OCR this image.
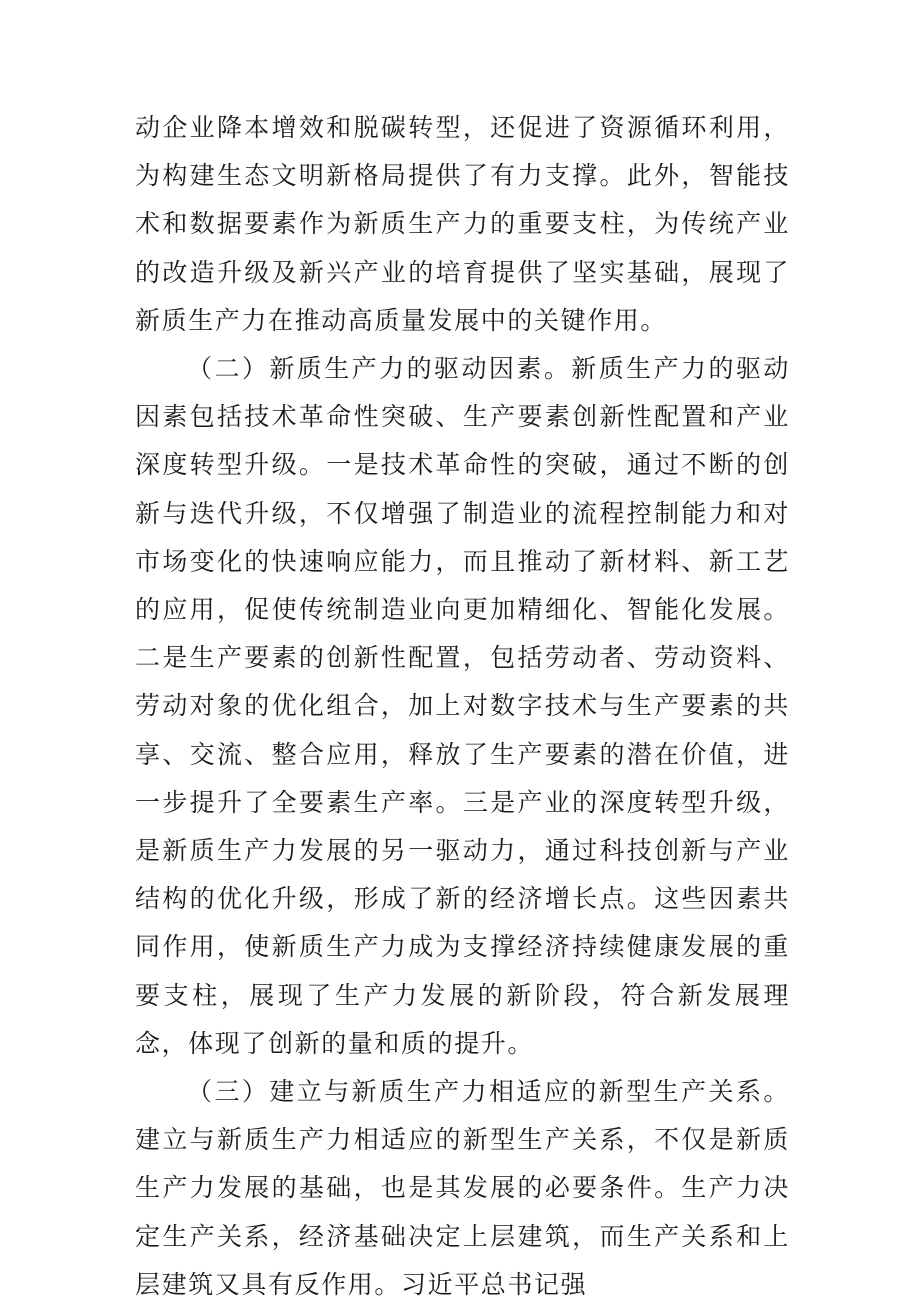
动企业降本增效和脱碳转型，还促进了资源循环利用，为构建生态文明新格局提供了有力支撑。此外，智能技术和数据要素作为新质生产力的重要支柱，为传统产业的改造升级及新兴产业的培育提供了坚实基础，展现了新质生产力在推动高质量发展中的关键作用。

（二）新质生产力的驱动因素。新质生产力的驱动因素包括技术革命性突破、生产要素创新性配置和产业深度转型升级。一是技术革命性的突破，通过不断的创新与迭代升级，不仅增强了制造业的流程控制能力和对市场变化的快速响应能力，而且推动了新材料、新工艺的应用，促使传统制造业向更加精细化、智能化发展。二是生产要素的创新性配置，包括劳动者、劳动资料、劳动对象的优化组合，加上对数字技术与生产要素的共享、交流、整合应用，释放了生产要素的潜在价值，进一步提升了全要素生产率。三是产业的深度转型升级，是新质生产力发展的另一驱动力，通过科技创新与产业结构的优化升级，形成了新的经济增长点。这些因素共同作用，使新质生产力成为支撑经济持续健康发展的重要支柱，展现了生产力发展的新阶段，符合新发展理念，体现了创新的量和质的提升。

（三）建立与新质生产力相适应的新型生产关系。建立与新质生产力相适应的新型生产关系，不仅是新质生产力发展的基础，也是其发展的必要条件。生产力决定生产关系，经济基础决定上层建筑，而生产关系和上层建筑又具有反作用。习近平总书记强
